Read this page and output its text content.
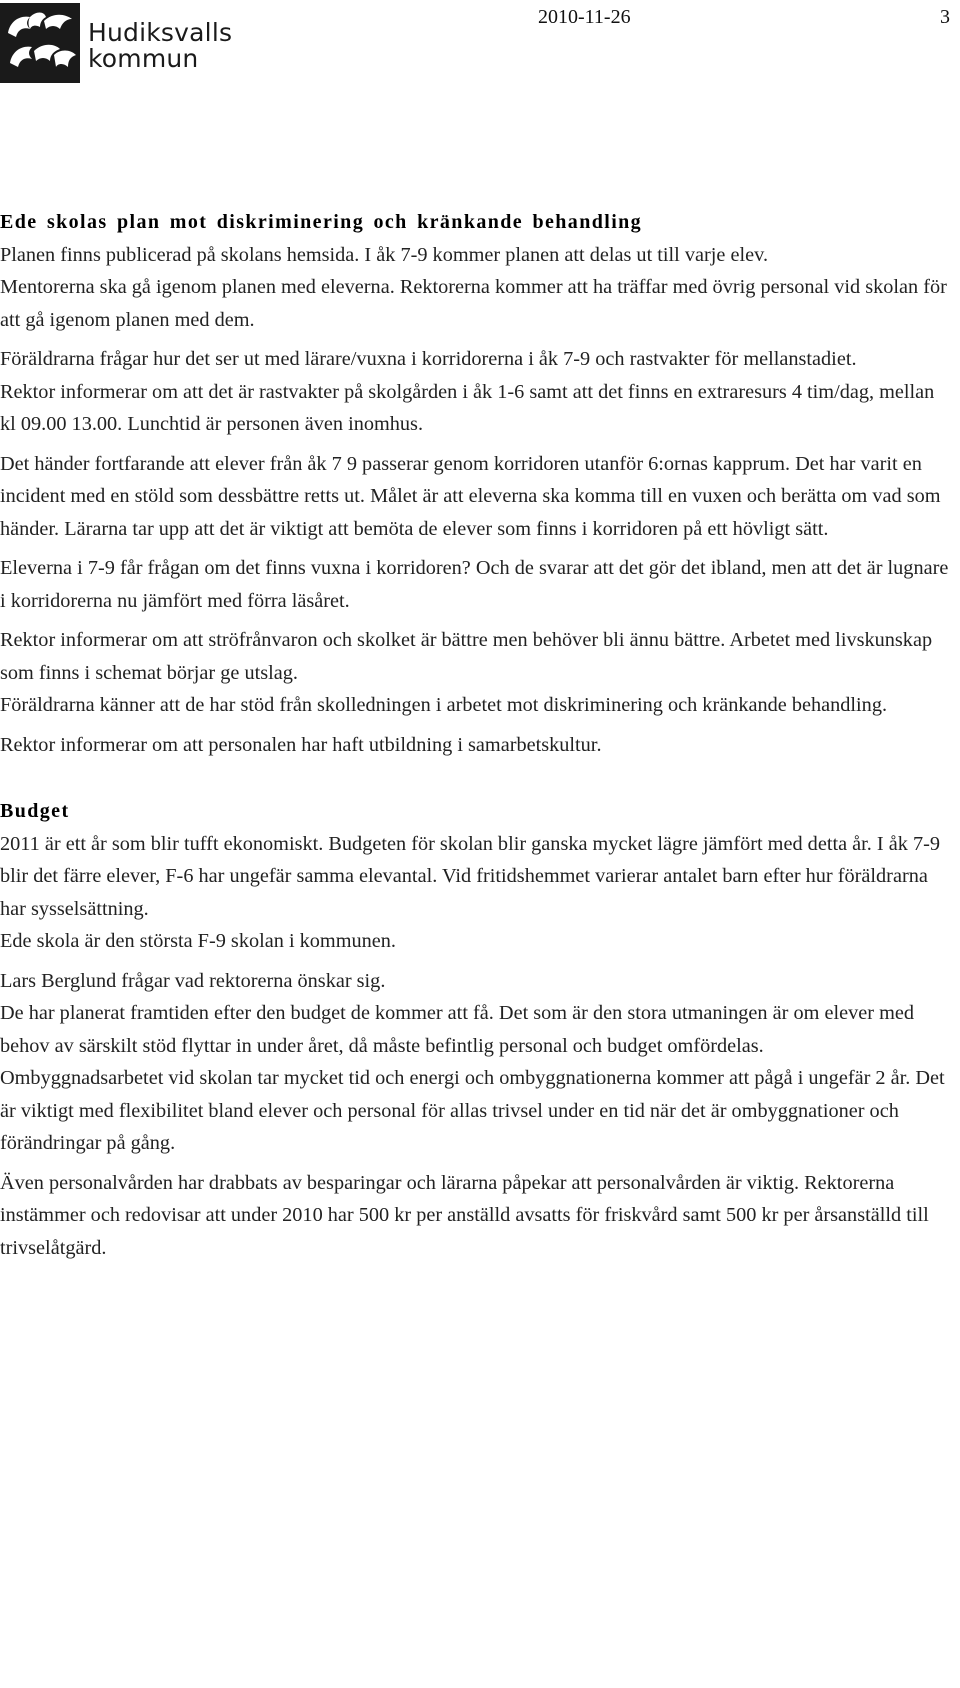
Hudiksvalls
kommun
2010-11-26	3
Ede skolas plan mot diskriminering och kränkande behandling
Planen finns publicerad på skolans hemsida. I åk 7-9 kommer planen att delas ut till varje elev.
Mentorerna ska gå igenom planen med eleverna. Rektorerna kommer att ha träffar med övrig personal vid skolan för att gå igenom planen med dem.
Föräldrarna frågar hur det ser ut med lärare/vuxna i korridorerna i åk 7-9 och rastvakter för mellanstadiet.
Rektor informerar om att det är rastvakter på skolgården i åk 1-6 samt att det finns en extraresurs 4 tim/dag, mellan kl 09.00 13.00. Lunchtid är personen även inomhus.
Det händer fortfarande att elever från åk 7 9 passerar genom korridoren utanför 6:ornas kapprum. Det har varit en incident med en stöld som dessbättre retts ut. Målet är att eleverna ska komma till en vuxen och berätta om vad som händer. Lärarna tar upp att det är viktigt att bemöta de elever som finns i korridoren på ett hövligt sätt.
Eleverna i 7-9 får frågan om det finns vuxna i korridoren? Och de svarar att det gör det ibland, men att det är lugnare i korridorerna nu jämfört med förra läsåret.
Rektor informerar om att ströfrånvaron och skolket är bättre men behöver bli ännu bättre. Arbetet med livskunskap som finns i schemat börjar ge utslag.
Föräldrarna känner att de har stöd från skolledningen i arbetet mot diskriminering och kränkande behandling.
Rektor informerar om att personalen har haft utbildning i samarbetskultur.
Budget
2011 är ett år som blir tufft ekonomiskt. Budgeten för skolan blir ganska mycket lägre jämfört med detta år. I åk 7-9 blir det färre elever, F-6 har ungefär samma elevantal. Vid fritidshemmet varierar antalet barn efter hur föräldrarna har sysselsättning.
Ede skola är den största F-9 skolan i kommunen.
Lars Berglund frågar vad rektorerna önskar sig.
De har planerat framtiden efter den budget de kommer att få. Det som är den stora utmaningen är om elever med behov av särskilt stöd flyttar in under året, då måste befintlig personal och budget omfördelas.
Ombyggnadsarbetet vid skolan tar mycket tid och energi och ombyggnationerna kommer att pågå i ungefär 2 år. Det är viktigt med flexibilitet bland elever och personal för allas trivsel under en tid när det är ombyggnationer och förändringar på gång.
Även personalvården har drabbats av besparingar och lärarna påpekar att personalvården är viktig. Rektorerna instämmer och redovisar att under 2010 har 500 kr per anställd avsatts för friskvård samt 500 kr per årsanställd till trivselåtgärd.
